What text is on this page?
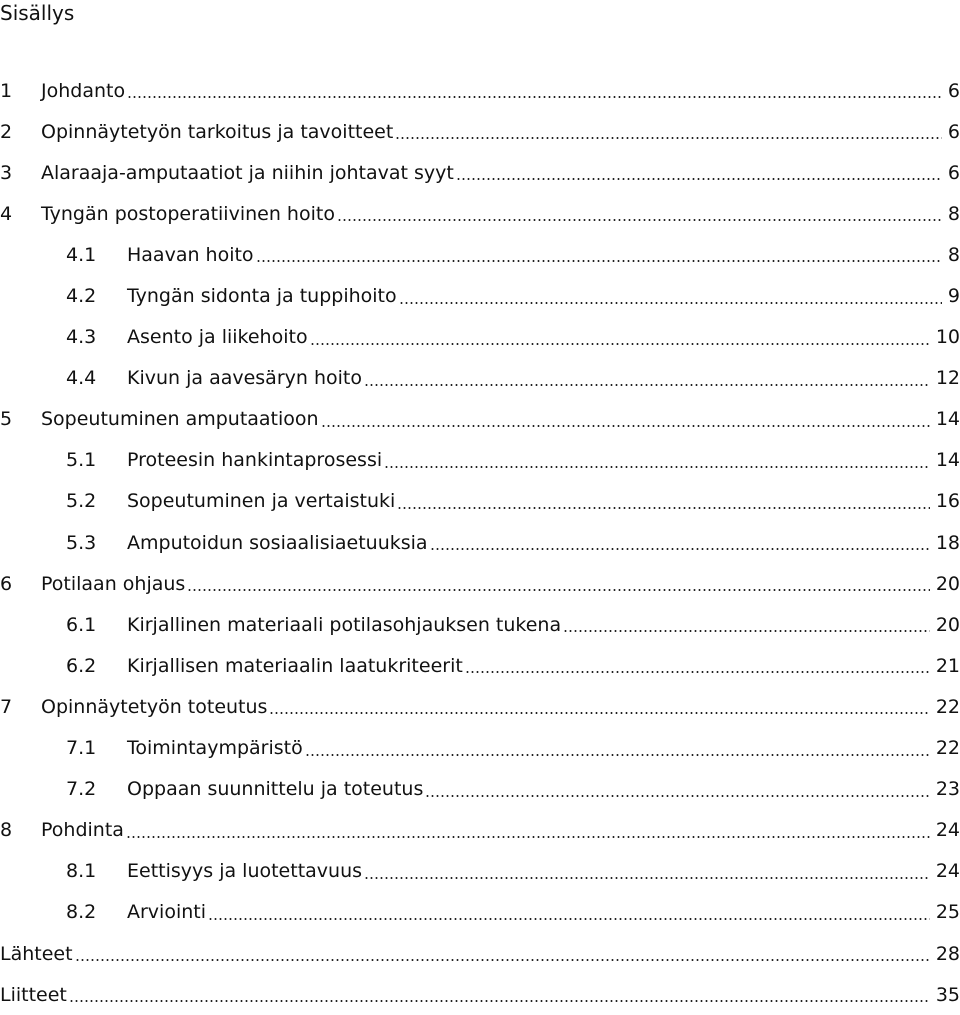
Sisällys
1	Johdanto	6
2	Opinnäytetyön tarkoitus ja tavoitteet	6
3	Alaraaja-amputaatiot ja niihin johtavat syyt	6
4	Tyngän postoperatiivinen hoito	8
4.1	Haavan hoito	8
4.2	Tyngän sidonta ja tuppihoito	9
4.3	Asento ja liikehoito	10
4.4	Kivun ja aavesäryn hoito	12
5	Sopeutuminen amputaatioon	14
5.1	Proteesin hankintaprosessi	14
5.2	Sopeutuminen ja vertaistuki	16
5.3	Amputoidun sosiaalisiaetuuksia	18
6	Potilaan ohjaus	20
6.1	Kirjallinen materiaali potilasohjauksen tukena	20
6.2	Kirjallisen materiaalin laatukriteerit	21
7	Opinnäytetyön toteutus	22
7.1	Toimintaympäristö	22
7.2	Oppaan suunnittelu ja toteutus	23
8	Pohdinta	24
8.1	Eettisyys ja luotettavuus	24
8.2	Arviointi	25
Lähteet	28
Liitteet	35
